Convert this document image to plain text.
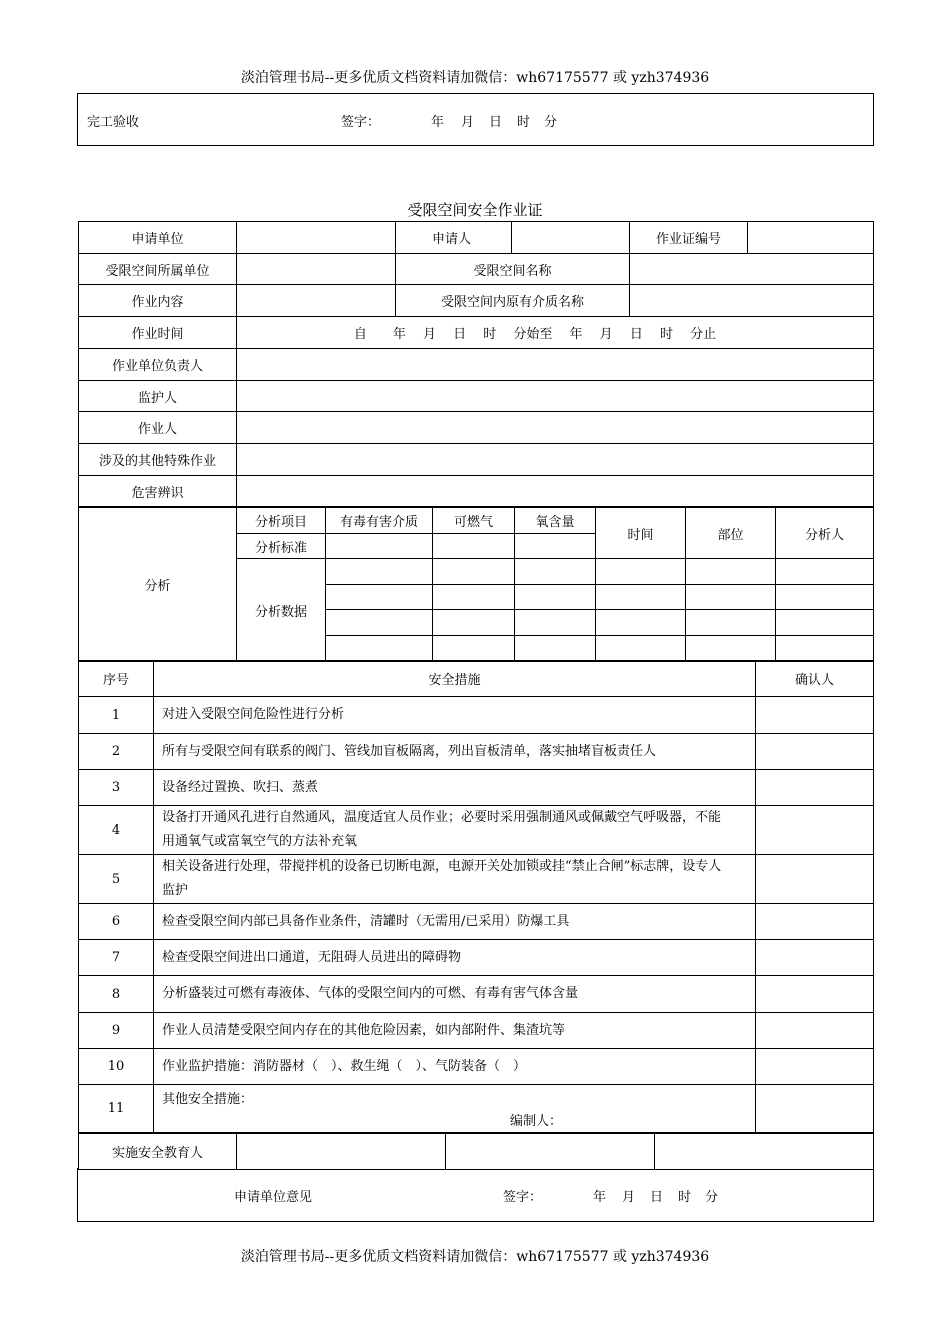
淡泊管理书局--更多优质文档资料请加微信：wh67175577 或 yzh374936
完工验收	签字：	年 月 日 时 分
受限空间安全作业证
申请单位		申请人		作业证编号	
受限空间所属单位		受限空间名称			
作业内容		受限空间内原有介质名称			
作业时间	自　　年　 月　 日　 时　 分始至　 年　 月　 日　 时　 分止				
作业单位负责人					
监护人					
作业人					
涉及的其他特殊作业					
危害辨识					
分析	分析项目	有毒有害介质	可燃气	氧含量	时间	部位	分析人
	分析标准						
	分析数据						

序号	安全措施	确认人
1	对进入受限空间危险性进行分析	
2	所有与受限空间有联系的阀门、管线加盲板隔离，列出盲板清单，落实抽堵盲板责任人	
3	设备经过置换、吹扫、蒸煮	
4	设备打开通风孔进行自然通风，温度适宜人员作业；必要时采用强制通风或佩戴空气呼吸器，不能用通氧气或富氧空气的方法补充氧	
5	相关设备进行处理，带搅拌机的设备已切断电源，电源开关处加锁或挂“禁止合闸”标志牌，设专人监护	
6	检查受限空间内部已具备作业条件，清罐时（无需用/已采用）防爆工具	
7	检查受限空间进出口通道，无阻碍人员进出的障碍物	
8	分析盛装过可燃有毒液体、气体的受限空间内的可燃、有毒有害气体含量	
9	作业人员清楚受限空间内存在的其他危险因素，如内部附件、集渣坑等	
10	作业监护措施：消防器材（　）、救生绳（　）、气防装备（　）	
11	其他安全措施：
编制人：	

实施安全教育人			
申请单位意见	签字：	年 月 日 时 分
淡泊管理书局--更多优质文档资料请加微信：wh67175577 或 yzh374936
